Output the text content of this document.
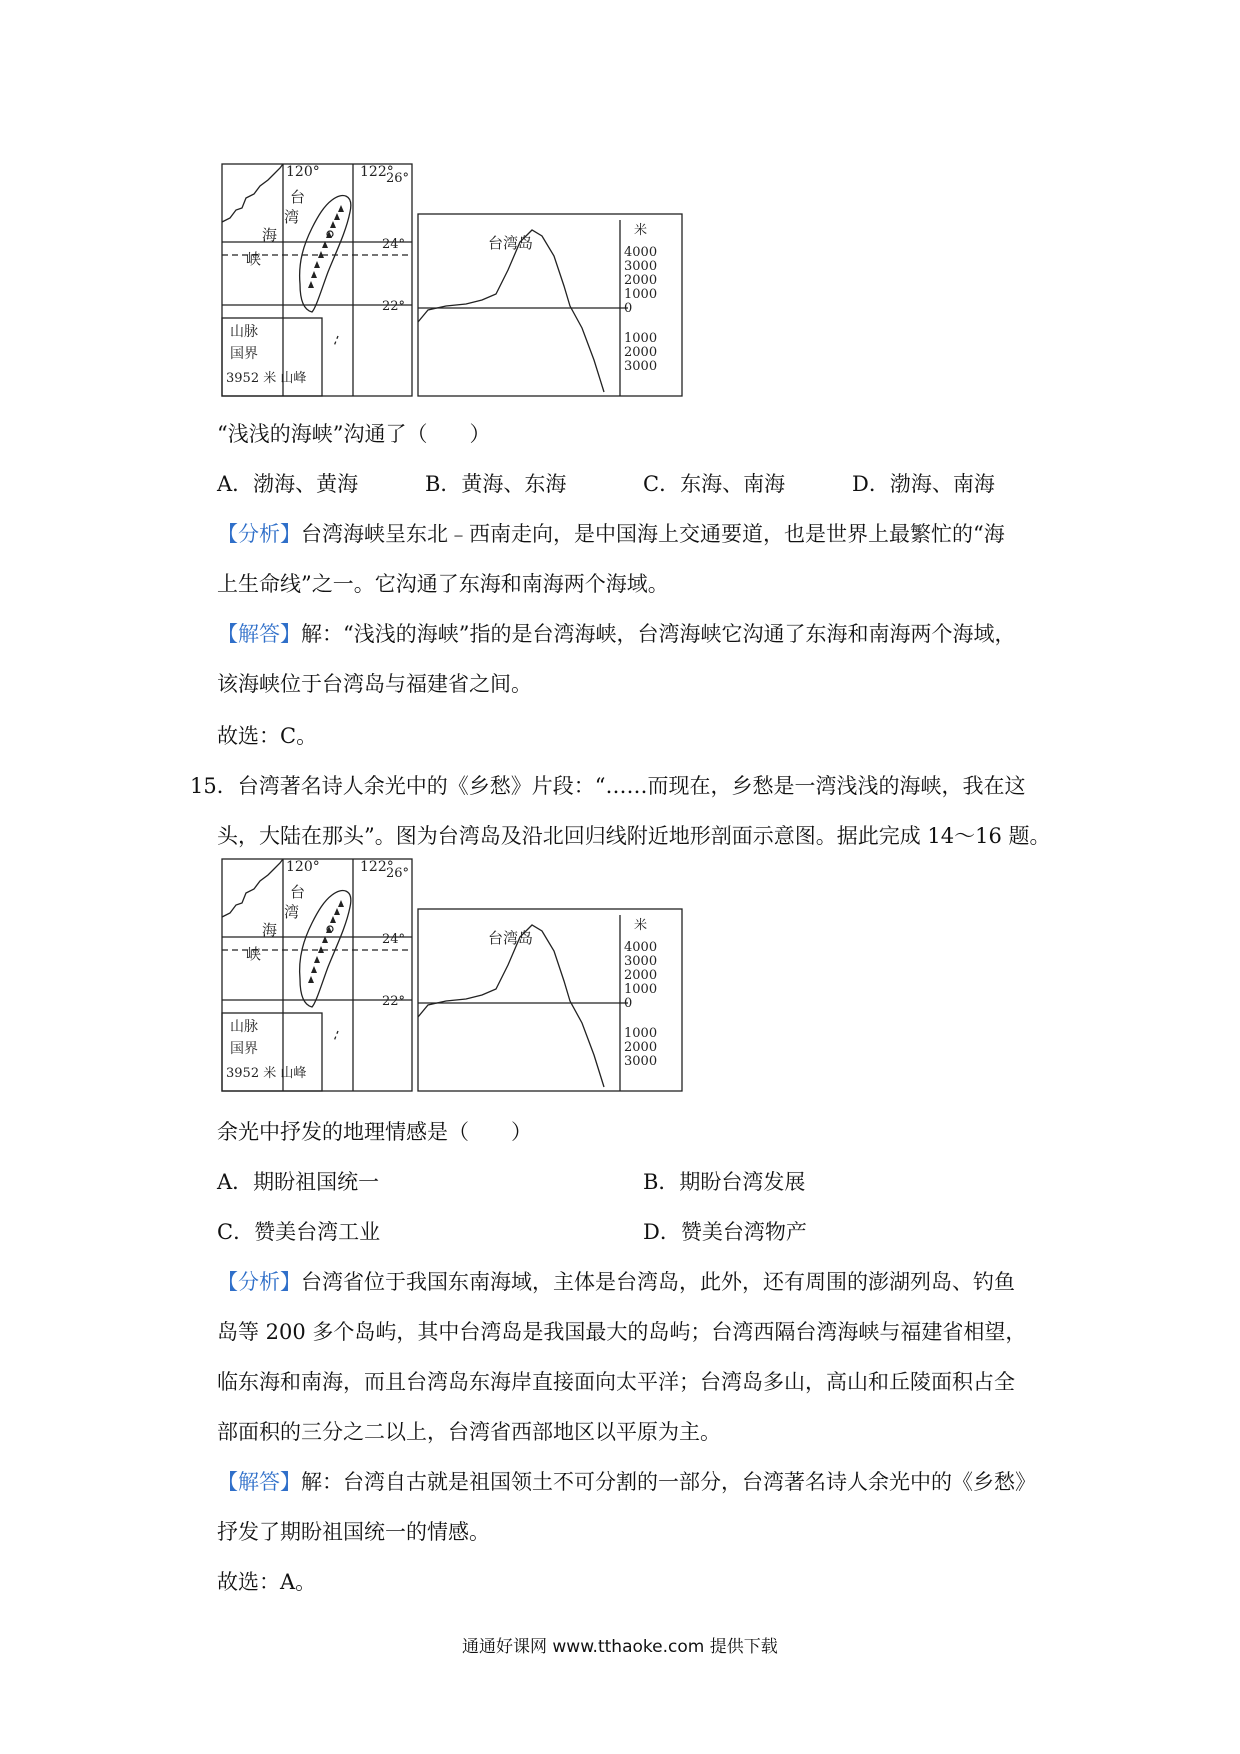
120°	122°
26°
24°
22°
台
湾
海
峡
山脉
国界
3952 米 山峰
台湾岛
米
4000
3000
2000
1000
0
1000
2000
3000
“浅浅的海峡”沟通了（　　）
A．渤海、黄海	B．黄海、东海	C．东海、南海	D．渤海、南海
【分析】台湾海峡呈东北﹣西南走向，是中国海上交通要道，也是世界上最繁忙的“海
上生命线”之一。它沟通了东海和南海两个海域。
【解答】解：“浅浅的海峡”指的是台湾海峡，台湾海峡它沟通了东海和南海两个海域，
该海峡位于台湾岛与福建省之间。
故选：C。
15．台湾著名诗人余光中的《乡愁》片段：“……而现在，乡愁是一湾浅浅的海峡，我在这
头，大陆在那头”。图为台湾岛及沿北回归线附近地形剖面示意图。据此完成 14～16 题。
120°	122°
26°
24°
22°
台
湾
海
峡
山脉
国界
3952 米 山峰
台湾岛
米
4000
3000
2000
1000
0
1000
2000
3000
余光中抒发的地理情感是（　　）
A．期盼祖国统一	B．期盼台湾发展
C．赞美台湾工业	D．赞美台湾物产
【分析】台湾省位于我国东南海域，主体是台湾岛，此外，还有周围的澎湖列岛、钓鱼
岛等 200 多个岛屿，其中台湾岛是我国最大的岛屿；台湾西隔台湾海峡与福建省相望，
临东海和南海，而且台湾岛东海岸直接面向太平洋；台湾岛多山，高山和丘陵面积占全
部面积的三分之二以上，台湾省西部地区以平原为主。
【解答】解：台湾自古就是祖国领土不可分割的一部分，台湾著名诗人余光中的《乡愁》
抒发了期盼祖国统一的情感。
故选：A。
通通好课网 www.tthaoke.com 提供下载
